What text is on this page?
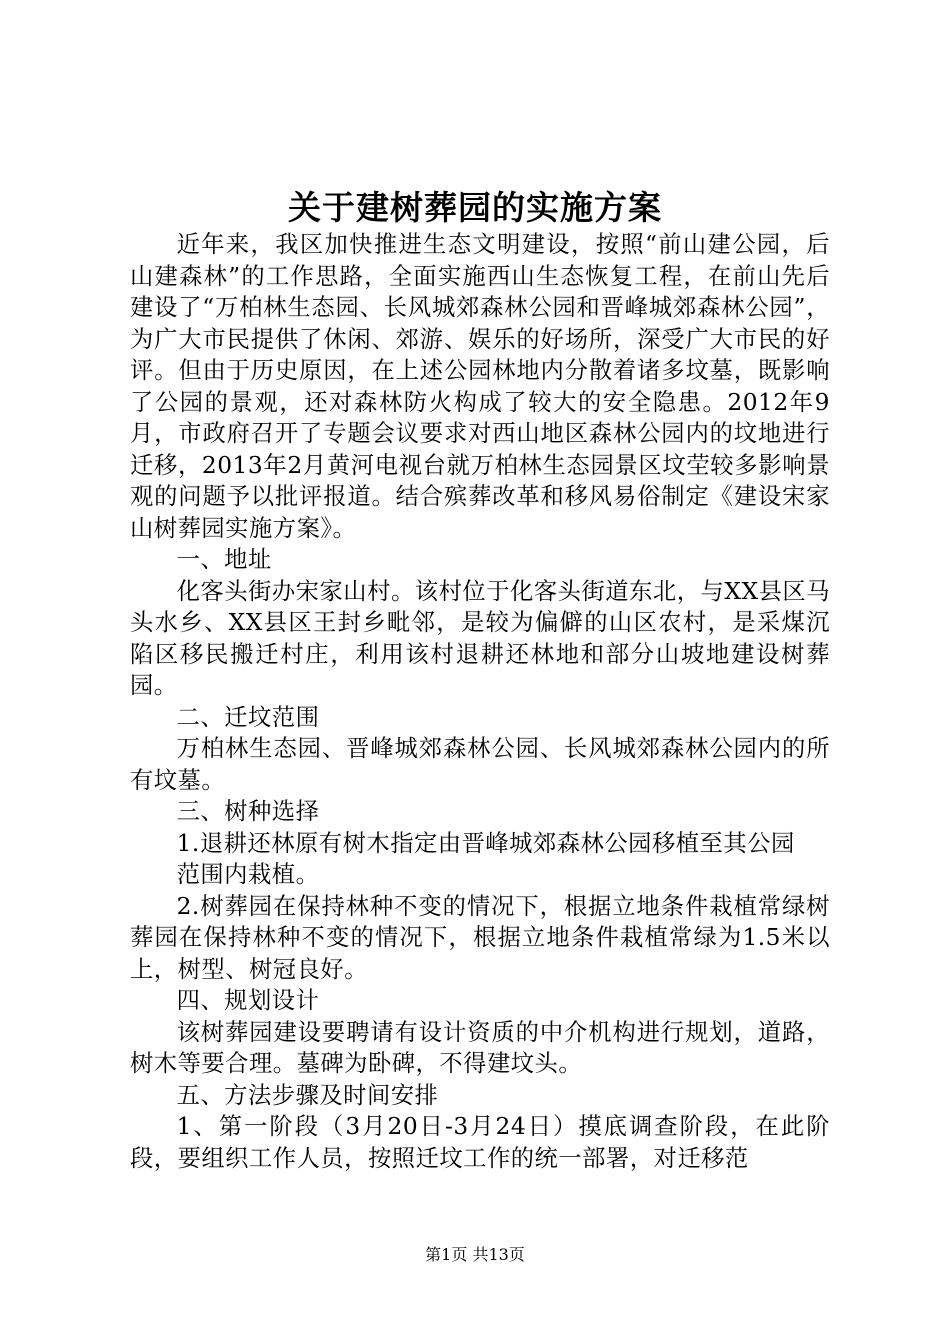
关于建树葬园的实施方案

近年来，我区加快推进生态文明建设，按照“前山建公园，后山建森林”的工作思路，全面实施西山生态恢复工程，在前山先后建设了“万柏林生态园、长风城郊森林公园和晋峰城郊森林公园”，为广大市民提供了休闲、郊游、娱乐的好场所，深受广大市民的好评。但由于历史原因，在上述公园林地内分散着诸多坟墓，既影响了公园的景观，还对森林防火构成了较大的安全隐患。2012年9月，市政府召开了专题会议要求对西山地区森林公园内的坟地进行迁移，2013年2月黄河电视台就万柏林生态园景区坟茔较多影响景观的问题予以批评报道。结合殡葬改革和移风易俗制定《建设宋家山树葬园实施方案》。

一、地址

化客头街办宋家山村。该村位于化客头街道东北，与XX县区马头水乡、XX县区王封乡毗邻，是较为偏僻的山区农村，是采煤沉陷区移民搬迁村庄，利用该村退耕还林地和部分山坡地建设树葬园。

二、迁坟范围

万柏林生态园、晋峰城郊森林公园、长风城郊森林公园内的所有坟墓。

三、树种选择

1.退耕还林原有树木指定由晋峰城郊森林公园移植至其公园

范围内栽植。

2.树葬园在保持林种不变的情况下，根据立地条件栽植常绿树葬园在保持林种不变的情况下，根据立地条件栽植常绿为1.5米以上，树型、树冠良好。

四、规划设计

该树葬园建设要聘请有设计资质的中介机构进行规划，道路，树木等要合理。墓碑为卧碑，不得建坟头。

五、方法步骤及时间安排

1、第一阶段（3月20日-3月24日）摸底调查阶段，在此阶段，要组织工作人员，按照迁坟工作的统一部署，对迁移范

第1页 共13页
